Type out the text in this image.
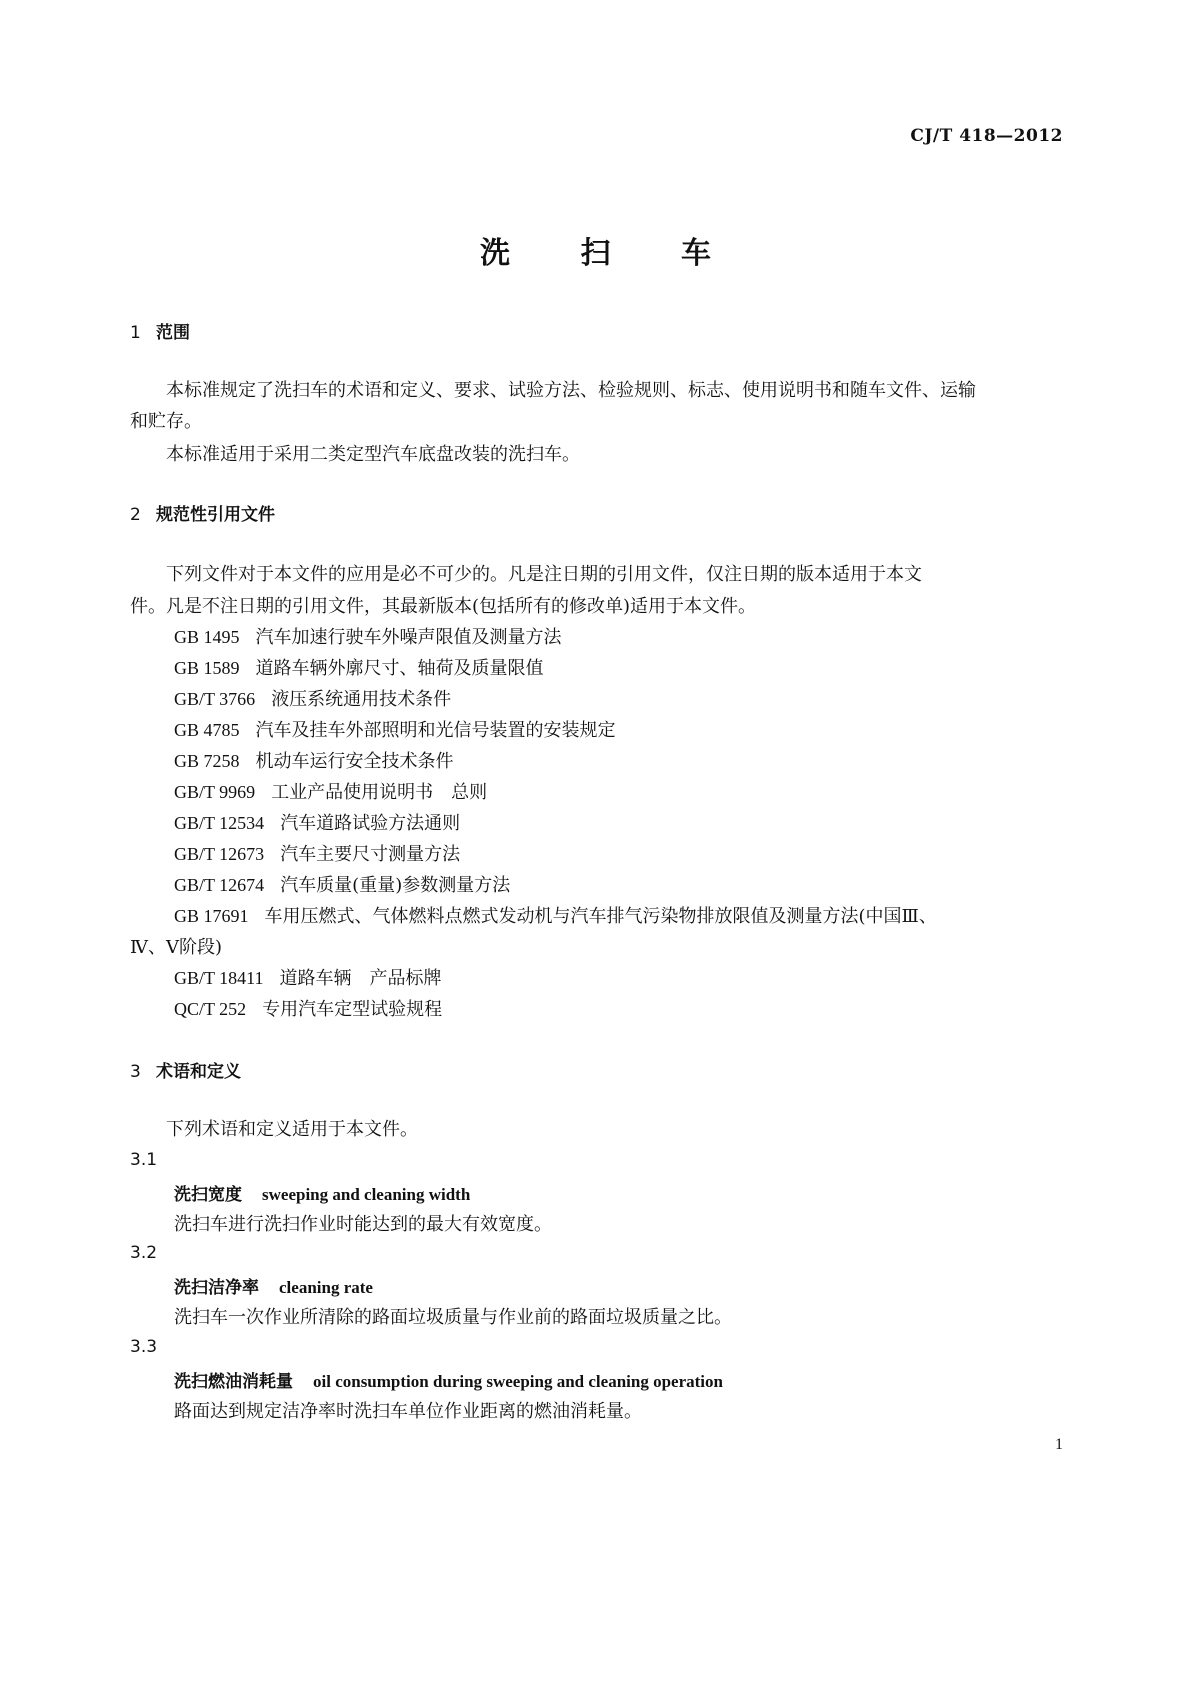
CJ/T 418—2012
洗 扫 车
1 范围
本标准规定了洗扫车的术语和定义、要求、试验方法、检验规则、标志、使用说明书和随车文件、运输
和贮存。
本标准适用于采用二类定型汽车底盘改装的洗扫车。
2 规范性引用文件
下列文件对于本文件的应用是必不可少的。凡是注日期的引用文件，仅注日期的版本适用于本文
件。凡是不注日期的引用文件，其最新版本(包括所有的修改单)适用于本文件。
GB 1495 汽车加速行驶车外噪声限值及测量方法
GB 1589 道路车辆外廓尺寸、轴荷及质量限值
GB/T 3766 液压系统通用技术条件
GB 4785 汽车及挂车外部照明和光信号装置的安装规定
GB 7258 机动车运行安全技术条件
GB/T 9969 工业产品使用说明书　总则
GB/T 12534 汽车道路试验方法通则
GB/T 12673 汽车主要尺寸测量方法
GB/T 12674 汽车质量(重量)参数测量方法
GB 17691 车用压燃式、气体燃料点燃式发动机与汽车排气污染物排放限值及测量方法(中国Ⅲ、
Ⅳ、Ⅴ阶段)
GB/T 18411 道路车辆　产品标牌
QC/T 252 专用汽车定型试验规程
3 术语和定义
下列术语和定义适用于本文件。
3.1
洗扫宽度 sweeping and cleaning width
洗扫车进行洗扫作业时能达到的最大有效宽度。
3.2
洗扫洁净率 cleaning rate
洗扫车一次作业所清除的路面垃圾质量与作业前的路面垃圾质量之比。
3.3
洗扫燃油消耗量 oil consumption during sweeping and cleaning operation
路面达到规定洁净率时洗扫车单位作业距离的燃油消耗量。
1
